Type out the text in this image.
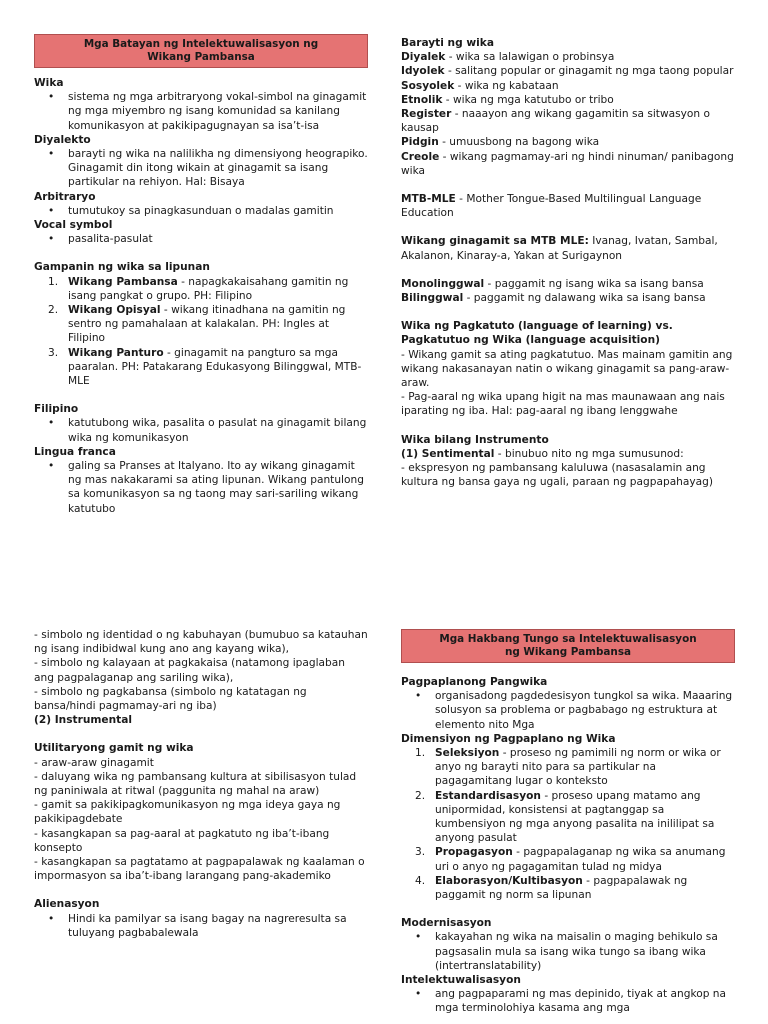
Mga Batayan ng Intelektuwalisasyon ng Wikang Pambansa
Wika
• sistema ng mga arbitraryong vokal-simbol na ginagamit ng mga miyembro ng isang komunidad sa kanilang komunikasyon at pakikipagugnayan sa isa’t-isa
Diyalekto
• barayti ng wika na nalilikha ng dimensiyong heograpiko. Ginagamit din itong wikain at ginagamit sa isang partikular na rehiyon. Hal: Bisaya
Arbitraryo
• tumutukoy sa pinagkasunduan o madalas gamitin
Vocal symbol
• pasalita-pasulat
Gampanin ng wika sa lipunan
1. Wikang Pambansa - napagkakaisahang gamitin ng isang pangkat o grupo. PH: Filipino
2. Wikang Opisyal - wikang itinadhana na gamitin ng sentro ng pamahalaan at kalakalan. PH: Ingles at Filipino
3. Wikang Panturo - ginagamit na pangturo sa mga paaralan. PH: Patakarang Edukasyong Bilinggwal, MTB-MLE
Filipino
• katutubong wika, pasalita o pasulat na ginagamit bilang wika ng komunikasyon
Lingua franca
• galing sa Pranses at Italyano. Ito ay wikang ginagamit ng mas nakakarami sa ating lipunan. Wikang pantulong sa komunikasyon sa ng taong may sari-sariling wikang katutubo
Barayti ng wika
Diyalek - wika sa lalawigan o probinsya
Idyolek - salitang popular or ginagamit ng mga taong popular
Sosyolek - wika ng kabataan
Etnolik - wika ng mga katutubo or tribo
Register - naaayon ang wikang gagamitin sa sitwasyon o kausap
Pidgin - umuusbong na bagong wika
Creole - wikang pagmamay-ari ng hindi ninuman/ panibagong wika
MTB-MLE - Mother Tongue-Based Multilingual Language Education
Wikang ginagamit sa MTB MLE: Ivanag, Ivatan, Sambal, Akalanon, Kinaray-a, Yakan at Surigaynon
Monolinggwal - paggamit ng isang wika sa isang bansa
Bilinggwal - paggamit ng dalawang wika sa isang bansa
Wika ng Pagkatuto (language of learning) vs. Pagkatutuo ng Wika (language acquisition)
- Wikang gamit sa ating pagkatutuo. Mas mainam gamitin ang wikang nakasanayan natin o wikang ginagamit sa pang-araw-araw.
- Pag-aaral ng wika upang higit na mas maunawaan ang nais iparating ng iba. Hal: pag-aaral ng ibang lenggwahe
Wika bilang Instrumento
(1) Sentimental - binubuo nito ng mga sumusunod:
- ekspresyon ng pambansang kaluluwa (nasasalamin ang kultura ng bansa gaya ng ugali, paraan ng pagpapahayag)
- simbolo ng identidad o ng kabuhayan (bumubuo sa katauhan ng isang indibidwal kung ano ang kayang wika),
- simbolo ng kalayaan at pagkakaisa (natamong ipaglaban ang pagpalaganap ang sariling wika),
- simbolo ng pagkabansa (simbolo ng katatagan ng bansa/hindi pagmamay-ari ng iba)
(2) Instrumental
Utilitaryong gamit ng wika
- araw-araw ginagamit
- daluyang wika ng pambansang kultura at sibilisasyon tulad ng paniniwala at ritwal (paggunita ng mahal na araw)
- gamit sa pakikipagkomunikasyon ng mga ideya gaya ng pakikipagdebate
- kasangkapan sa pag-aaral at pagkatuto ng iba’t-ibang konsepto
- kasangkapan sa pagtatamo at pagpapalawak ng kaalaman o impormasyon sa iba’t-ibang larangang pang-akademiko
Alienasyon
• Hindi ka pamilyar sa isang bagay na nagreresulta sa tuluyang pagbabalewala
Mga Hakbang Tungo sa Intelektuwalisasyon ng Wikang Pambansa
Pagpaplanong Pangwika
• organisadong pagdedesisyon tungkol sa wika. Maaaring solusyon sa problema or pagbabago ng estruktura at elemento nito Mga
Dimensiyon ng Pagpaplano ng Wika
1. Seleksiyon - proseso ng pamimili ng norm or wika or anyo ng barayti nito para sa partikular na pagagamitang lugar o konteksto
2. Estandardisasyon - proseso upang matamo ang unipormidad, konsistensi at pagtanggap sa kumbensiyon ng mga anyong pasalita na inililipat sa anyong pasulat
3. Propagasyon - pagpapalaganap ng wika sa anumang uri o anyo ng pagagamitan tulad ng midya
4. Elaborasyon/Kultibasyon - pagpapalawak ng paggamit ng norm sa lipunan
Modernisasyon
• kakayahan ng wika na maisalin o maging behikulo sa pagsasalin mula sa isang wika tungo sa ibang wika (intertranslatability)
Intelektuwalisasyon
• ang pagpaparami ng mas depinido, tiyak at angkop na mga terminolohiya kasama ang mga
